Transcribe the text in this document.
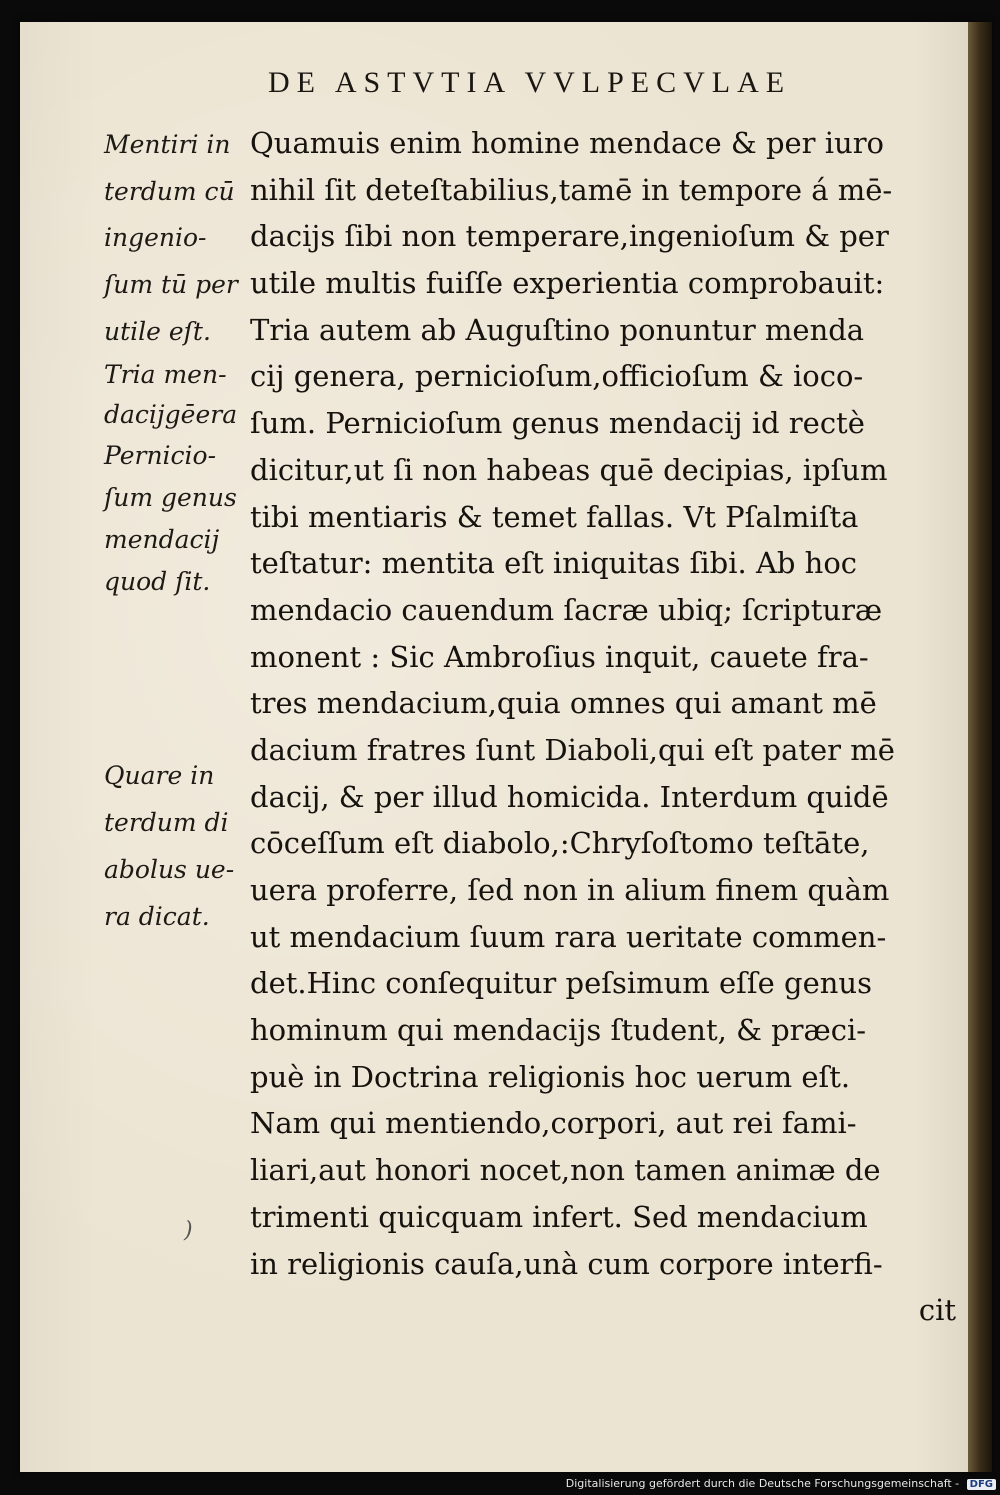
DE ASTVTIA VVLPECVLAE
Mentiri in
terdum cū
ingenio-
ſum tū per
utile eſt.
Tria men-
dacijgēera
Pernicio-
ſum genus
mendacij
quod ſit.
Quare in
terdum di
abolus ue-
ra dicat.
Quamuis enim homine mendace & per iuro
nihil ſit deteſtabilius,tamē in tempore á mē-
dacijs ſibi non temperare,ingenioſum & per
utile multis fuiſſe experientia comprobauit:
Tria autem ab Auguſtino ponuntur menda
cij genera, pernicioſum,officioſum & ioco-
ſum. Pernicioſum genus mendacij id rectè
dicitur,ut ſi non habeas quē decipias, ipſum
tibi mentiaris & temet fallas. Vt Pſalmiſta
teſtatur: mentita eſt iniquitas ſibi. Ab hoc
mendacio cauendum ſacræ ubiq; ſcripturæ
monent : Sic Ambroſius inquit, cauete fra-
tres mendacium,quia omnes qui amant mē
dacium fratres ſunt Diaboli,qui eſt pater mē
dacij, & per illud homicida. Interdum quidē
cōceſſum eſt diabolo,:Chryſoſtomo teſtāte,
uera proferre, ſed non in alium finem quàm
ut mendacium ſuum rara ueritate commen-
det.Hinc conſequitur peſsimum eſſe genus
hominum qui mendacijs ſtudent, & præci-
puè in Doctrina religionis hoc uerum eſt.
Nam qui mentiendo,corpori, aut rei fami-
liari,aut honori nocet,non tamen animæ de
trimenti quicquam infert. Sed mendacium
in religionis cauſa,unà cum corpore interfi-
cit
)
Digitalisierung gefördert durch die Deutsche Forschungsgemeinschaft - DFG
